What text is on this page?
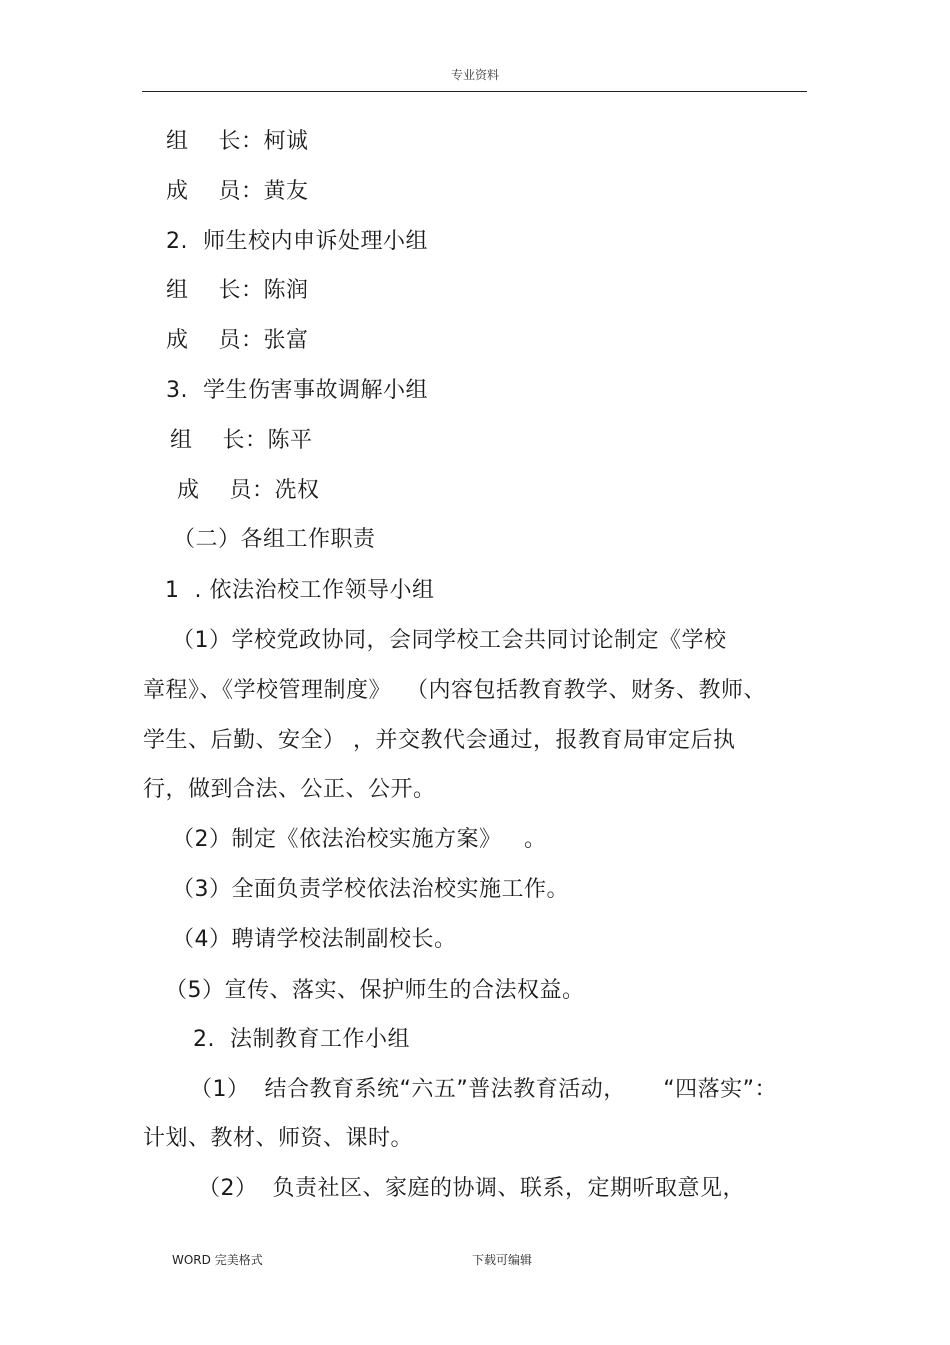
专业资料
组    长：柯诚
成    员：黄友
2.  师生校内申诉处理小组
组    长：陈润
成    员：张富
3.  学生伤害事故调解小组
组    长：陈平
成    员：冼权
（二）各组工作职责
1  . 依法治校工作领导小组
（1）学校党政协同，会同学校工会共同讨论制定《学校
章程》、《学校管理制度》  （内容包括教育教学、财务、教师、
学生、后勤、安全） ，并交教代会通过，报教育局审定后执
行，做到合法、公正、公开。
（2）制定《依法治校实施方案》   。
（3）全面负责学校依法治校实施工作。
（4）聘请学校法制副校长。
（5）宣传、落实、保护师生的合法权益。
2.  法制教育工作小组
（1）  结合教育系统“六五”普法教育活动，     “四落实”：
计划、教材、师资、课时。
（2）  负责社区、家庭的协调、联系，定期听取意见，
WORD 完美格式	下载可编辑
